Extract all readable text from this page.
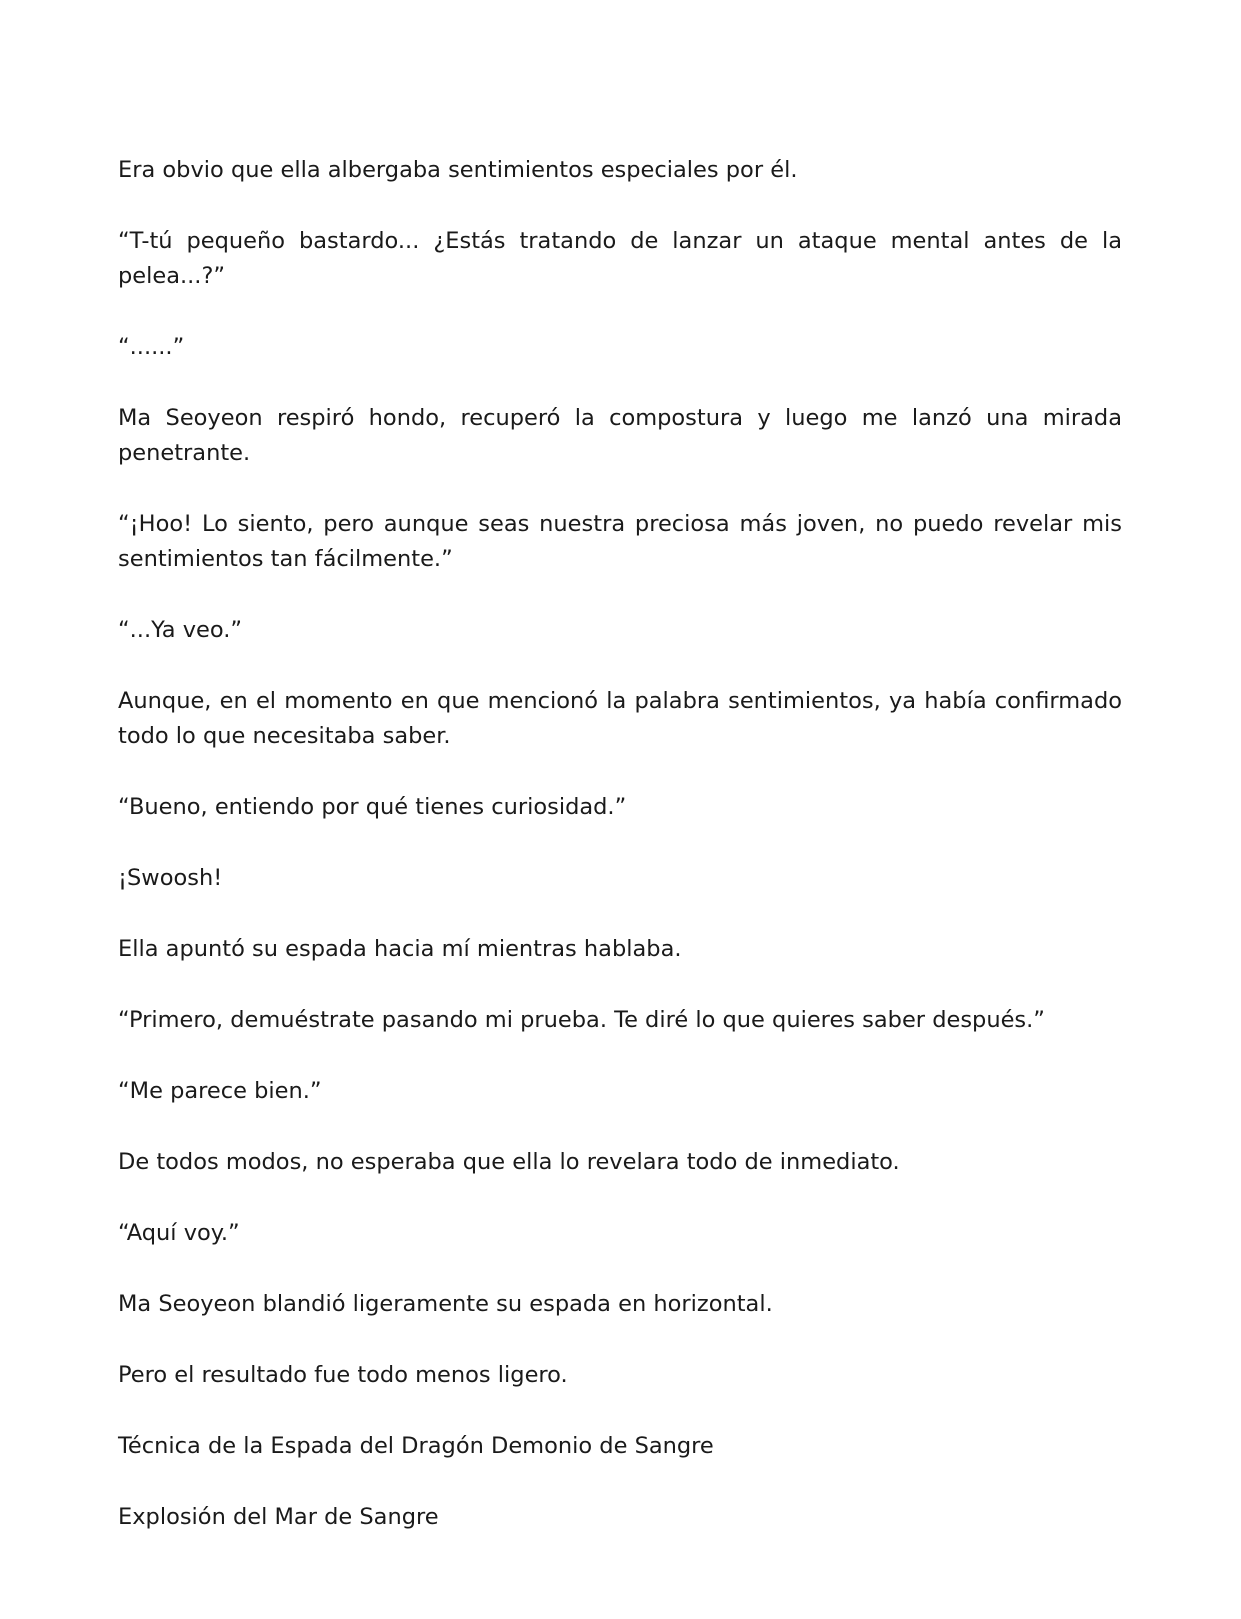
Era obvio que ella albergaba sentimientos especiales por él.

“T-tú pequeño bastardo... ¿Estás tratando de lanzar un ataque mental antes de la pelea...?”

“......”

Ma Seoyeon respiró hondo, recuperó la compostura y luego me lanzó una mirada penetrante.

“¡Hoo! Lo siento, pero aunque seas nuestra preciosa más joven, no puedo revelar mis sentimientos tan fácilmente.”

“...Ya veo.”

Aunque, en el momento en que mencionó la palabra sentimientos, ya había confirmado todo lo que necesitaba saber.

“Bueno, entiendo por qué tienes curiosidad.”

¡Swoosh!

Ella apuntó su espada hacia mí mientras hablaba.

“Primero, demuéstrate pasando mi prueba. Te diré lo que quieres saber después.”

“Me parece bien.”

De todos modos, no esperaba que ella lo revelara todo de inmediato.

“Aquí voy.”

Ma Seoyeon blandió ligeramente su espada en horizontal.

Pero el resultado fue todo menos ligero.

Técnica de la Espada del Dragón Demonio de Sangre

Explosión del Mar de Sangre
